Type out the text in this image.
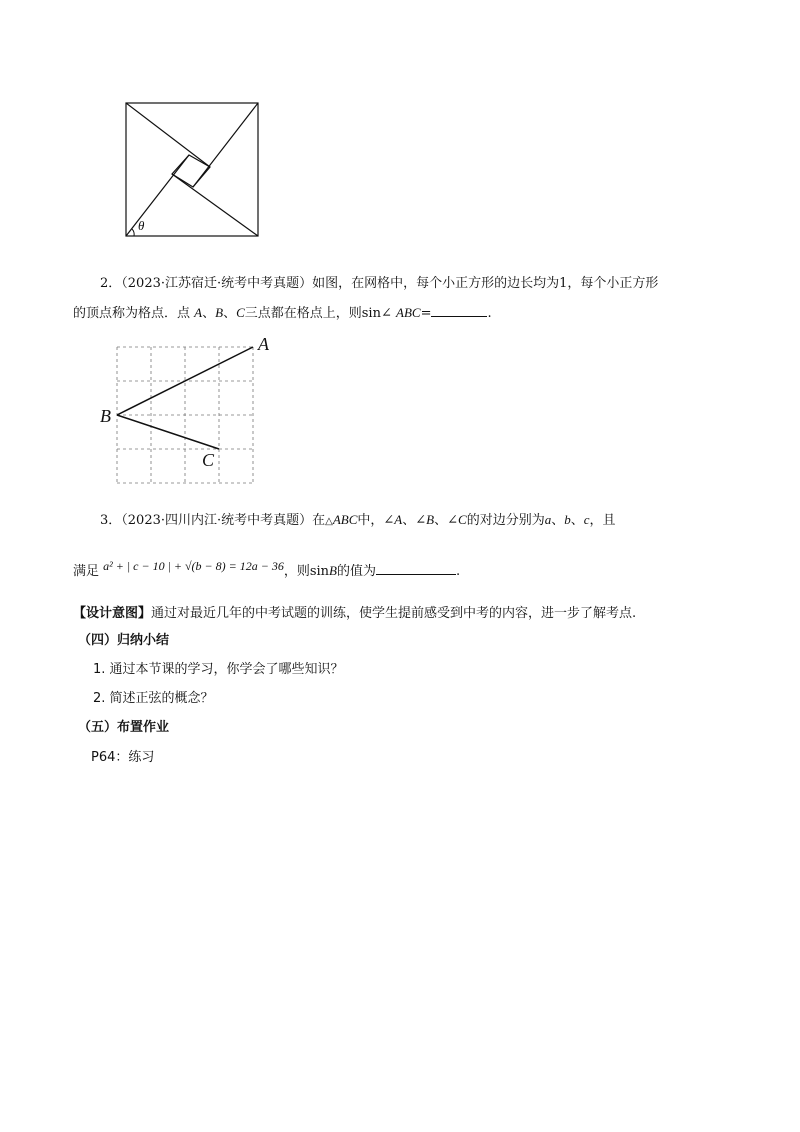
θ
2．（2023·江苏宿迁·统考中考真题）如图，在网格中，每个小正方形的边长均为1，每个小正方形
的顶点称为格点．点 A、B、C三点都在格点上，则sin∠ ABC=	.
A
B
C
3．（2023·四川内江·统考中考真题）在△ABC中，∠A、∠B、∠C的对边分别为a、b、c，且
满足 a² + | c − 10 | + √(b − 8) = 12a − 36，则sinB的值为	.
【设计意图】通过对最近几年的中考试题的训练，使学生提前感受到中考的内容，进一步了解考点.
（四）归纳小结
1. 通过本节课的学习，你学会了哪些知识？
2. 简述正弦的概念？
（五）布置作业
P64：练习
